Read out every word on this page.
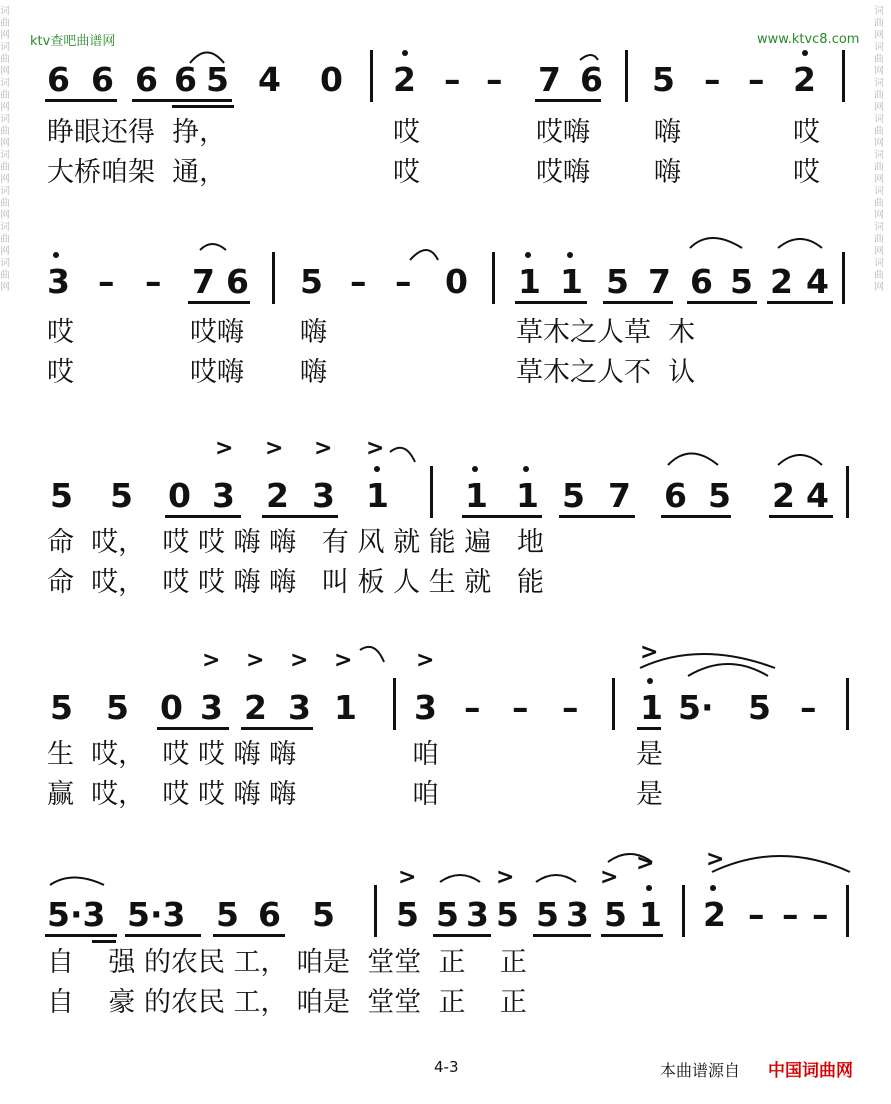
ktv查吧曲谱网	www.ktvc8.com
词
曲
网
词
曲
网
词
曲
网
词
曲
网
词
曲
网
词
曲
网
词
曲
网
词
曲
网
词
曲
网
词
曲
网
词
曲
网
词
曲
网
词
曲
网
词
曲
网
词
曲
网
词
曲
网
6 6 6 6 5 4 0 2 – – 7 6 5 – – 2
睁眼还得 挣，
大桥咱架 通，
哎	哎嗨 嗨	哎
哎	哎嗨 嗨	哎
3 – – 7 6 5 – – 0 1 1 5 7 6 5 2 4
哎	哎嗨 嗨	草木之人草 木
哎	哎嗨 嗨	草木之人不 认
> > > >
5 5 0 3 2 3 1 1 1 5 7 6 5 2 4
命 哎， 哎 哎 嗨 嗨 有 风 就 能 遍 地
命 哎， 哎 哎 嗨 嗨 叫 板 人 生 就 能
> > > >	>	>
5 5 0 3 2 3 1 3 – – – 1 5· 5 –
生 哎， 哎 哎 嗨 嗨	咱	是
赢 哎， 哎 哎 嗨 嗨	咱	是
>	>	>
> >
5·3 5·3 5 6 5 5 5 3 5 5 3 5 1 2 – – –
自 强 的农民 工， 咱是 堂堂 正 正
自 豪 的农民 工， 咱是 堂堂 正 正
4-3	本曲谱源自 中国词曲网
